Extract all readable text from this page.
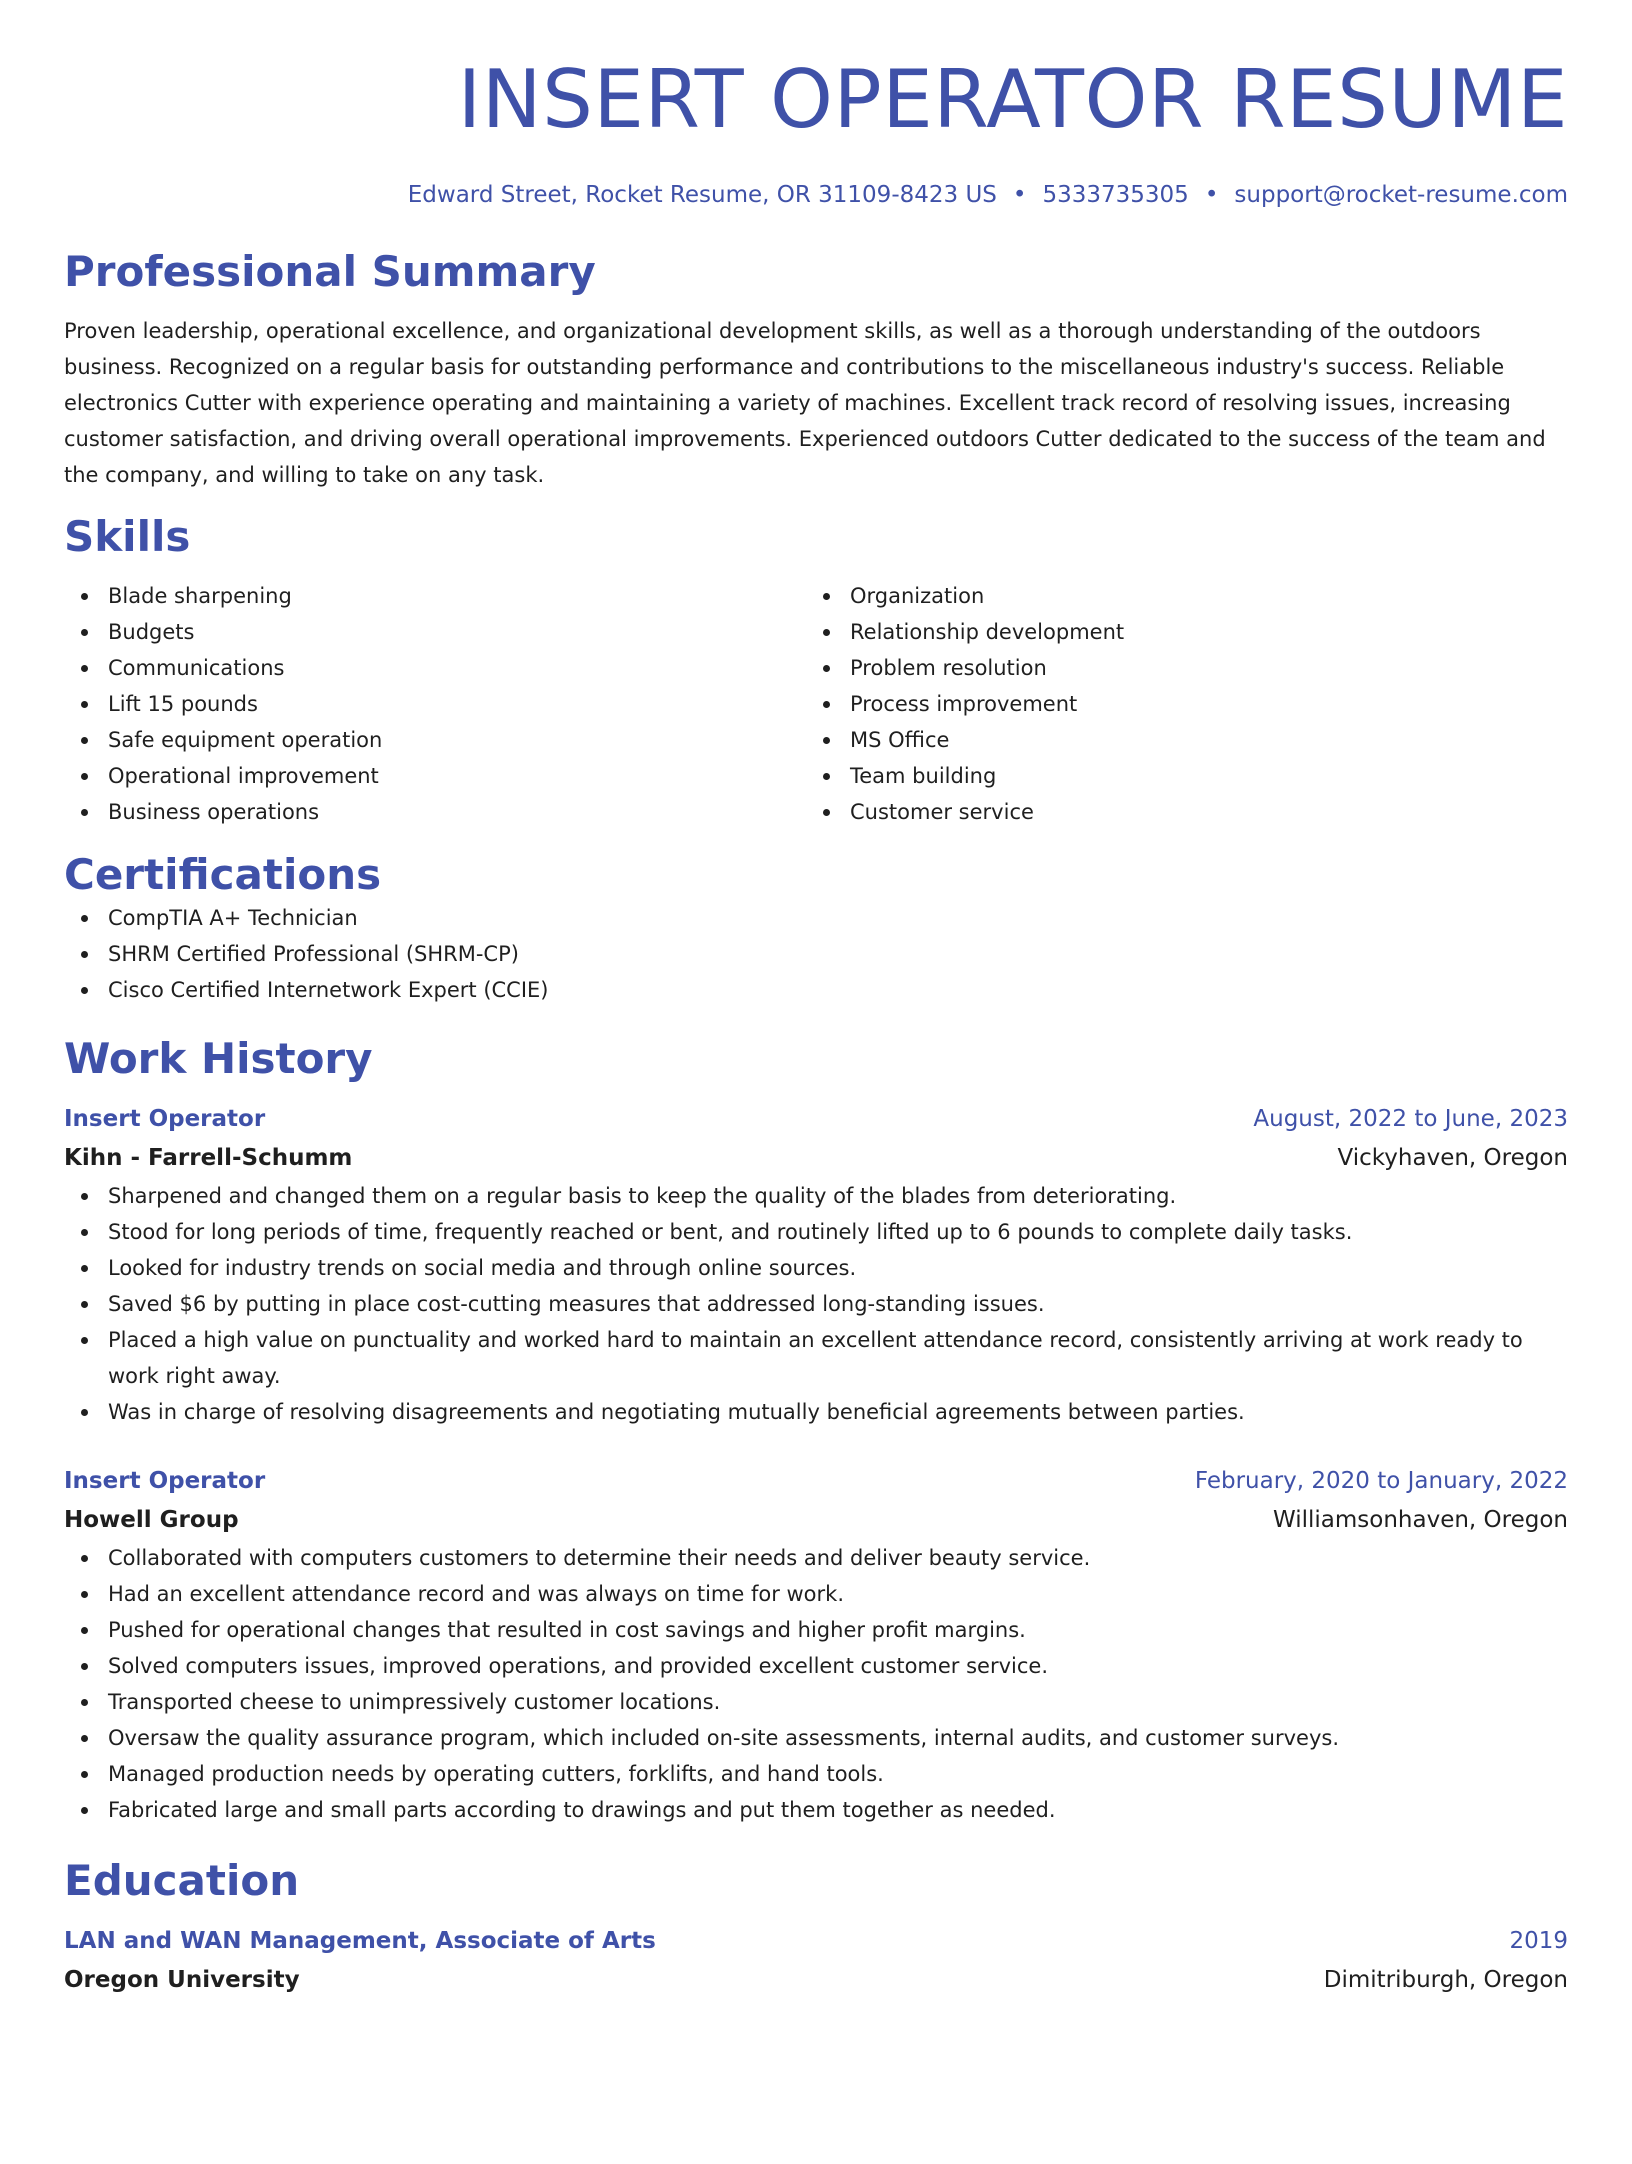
INSERT OPERATOR RESUME
Edward Street, Rocket Resume, OR 31109-8423 US • 5333735305 • support@rocket-resume.com
Professional Summary
Proven leadership, operational excellence, and organizational development skills, as well as a thorough understanding of the outdoors business. Recognized on a regular basis for outstanding performance and contributions to the miscellaneous industry's success. Reliable electronics Cutter with experience operating and maintaining a variety of machines. Excellent track record of resolving issues, increasing customer satisfaction, and driving overall operational improvements. Experienced outdoors Cutter dedicated to the success of the team and the company, and willing to take on any task.
Skills
Blade sharpening
Budgets
Communications
Lift 15 pounds
Safe equipment operation
Operational improvement
Business operations
Organization
Relationship development
Problem resolution
Process improvement
MS Office
Team building
Customer service
Certifications
CompTIA A+ Technician
SHRM Certified Professional (SHRM-CP)
Cisco Certified Internetwork Expert (CCIE)
Work History
Insert Operator	August, 2022 to June, 2023
Kihn - Farrell-Schumm	Vickyhaven, Oregon
Sharpened and changed them on a regular basis to keep the quality of the blades from deteriorating.
Stood for long periods of time, frequently reached or bent, and routinely lifted up to 6 pounds to complete daily tasks.
Looked for industry trends on social media and through online sources.
Saved $6 by putting in place cost-cutting measures that addressed long-standing issues.
Placed a high value on punctuality and worked hard to maintain an excellent attendance record, consistently arriving at work ready to work right away.
Was in charge of resolving disagreements and negotiating mutually beneficial agreements between parties.
Insert Operator	February, 2020 to January, 2022
Howell Group	Williamsonhaven, Oregon
Collaborated with computers customers to determine their needs and deliver beauty service.
Had an excellent attendance record and was always on time for work.
Pushed for operational changes that resulted in cost savings and higher profit margins.
Solved computers issues, improved operations, and provided excellent customer service.
Transported cheese to unimpressively customer locations.
Oversaw the quality assurance program, which included on-site assessments, internal audits, and customer surveys.
Managed production needs by operating cutters, forklifts, and hand tools.
Fabricated large and small parts according to drawings and put them together as needed.
Education
LAN and WAN Management, Associate of Arts	2019
Oregon University	Dimitriburgh, Oregon
